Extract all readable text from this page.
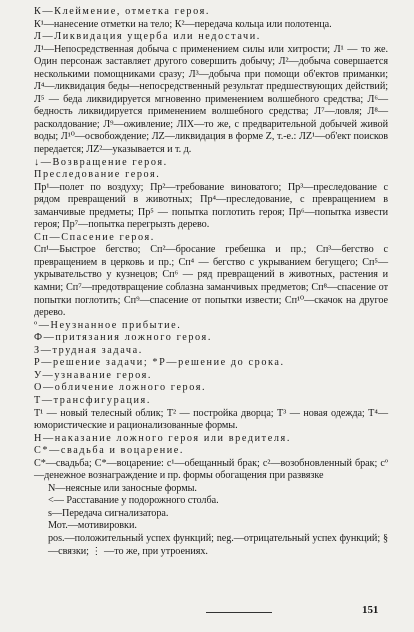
К—Клеймение, отметка героя.

К¹—нанесение отметки на тело; К²—передача кольца или полотенца.

Л—Ликвидация ущерба или недостачи.

Л¹—Непосредственная добыча с применением силы или хитрости; Л¹ — то же. Один персонаж заставляет другого совершить добычу; Л²—добыча совершается несколькими помощниками сразу; Л³—добыча при помощи об'ектов приманки; Л⁴—ликвидация беды—непосредственный результат предшествующих действий; Л⁵ — беда ликвидируется мгновенно применением волшебного средства; Л⁶—бедность ликвидируется применением волшебного средства; Л⁷—ловля; Л⁸—расколдование; Л⁹—оживление; ЛIX—то же, с предварительной добычей живой воды; Л¹⁰—освобождение; ЛZ—ликвидация в форме Z, т.-е.: ЛZ¹—об'ект поисков передается; ЛZ²—указывается и т. д.

↓—Возвращение героя.

Преследование героя.

Пр¹—полет по воздуху; Пр²—требование виноватого; Пр³—преследование с рядом превращений в животных; Пр⁴—преследование, с превращением в заманчивые предметы; Пр⁵ — попытка поглотить героя; Пр⁶—попытка извести героя; Пр⁷—попытка перегрызть дерево.

Сп—Спасение героя.

Сп¹—Быстрое бегство; Сп²—бросание гребешка и пр.; Сп³—бегство с превращением в церковь и пр.; Сп⁴ — бегство с укрыванием бегущего; Сп⁵—укрывательство у кузнецов; Сп⁶ — ряд превращений в животных, растения и камни; Сп⁷—предотвращение соблазна заманчивых предметов; Сп⁸—спасение от попытки поглотить; Сп⁹—спасение от попытки извести; Сп¹⁰—скачок на другое дерево.

º—Неузнанное прибытие.

Ф—притязания ложного героя.

З—трудная задача.

Р—решение задачи; *Р—решение до срока.

У—узнавание героя.

О—обличение ложного героя.

Т—трансфигурация.

Т¹ — новый телесный облик; Т² — постройка дворца; Т³ — новая одежда; Т⁴—юмористические и рационализованные формы.

Н—наказание ложного героя или вредителя.

С*—свадьба и воцарение.

С*—свадьба; С*—воцарение: с¹—обещанный брак; с²—возобновленный брак; сº—денежное вознаграждение и пр. формы обогащения при развязке

N—неясные или заносные формы.

<— Расставание у подорожного столба.

s—Передача сигнализатора.

Мот.—мотивировки.

pos.—положительный успех функций; neg.—отрицательный успех функций; §—связки; ⋮ —то же, при утроениях.

151
